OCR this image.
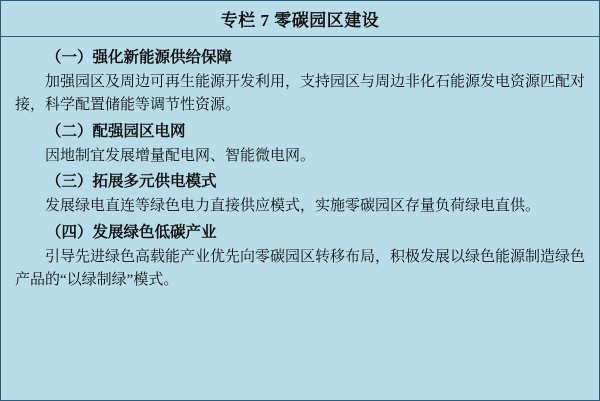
专栏 7 零碳园区建设

（一）强化新能源供给保障

加强园区及周边可再生能源开发利用，支持园区与周边非化石能源发电资源匹配对接，科学配置储能等调节性资源。

（二）配强园区电网

因地制宜发展增量配电网、智能微电网。

（三）拓展多元供电模式

发展绿电直连等绿色电力直接供应模式，实施零碳园区存量负荷绿电直供。

（四）发展绿色低碳产业

引导先进绿色高载能产业优先向零碳园区转移布局，积极发展以绿色能源制造绿色产品的“以绿制绿”模式。
